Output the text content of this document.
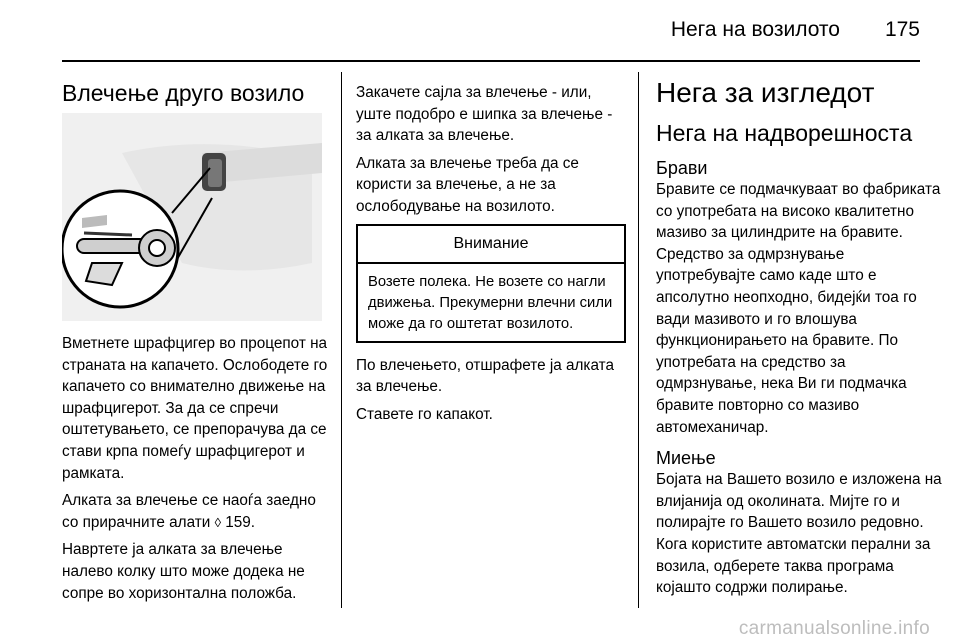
Нега на возилото 175
Влечење друго возило

Вметнете шрафцигер во процепот на страната на капачето. Ослободете го капачето со внимателно движење на шрафцигерот. За да се спречи оштетувањето, се препорачува да се стави крпа помеѓу шрафцигерот и рамката.

Алката за влечење се наоѓа заедно со прирачните алати ◊ 159.

Навртете ја алката за влечење налево колку што може додека не сопре во хоризонтална положба.

Закачете сајла за влечење - или, уште подобро е шипка за влечење - за алката за влечење.

Алката за влечење треба да се користи за влечење, а не за ослободување на возилото.

Внимание
Возете полека. Не возете со нагли движења. Прекумерни влечни сили може да го оштетат возилото.

По влечењето, отшрафете ја алката за влечење.

Ставете го капакот.

Нега за изгледот
Нега на надворешноста
Брави

Бравите се подмачкуваат во фабриката со употребата на високо квалитетно мазиво за цилиндрите на бравите. Средство за одмрзнување употребувајте само каде што е апсолутно неопходно, бидејќи тоа го вади мазивото и го влошува функционирањето на бравите. По употребата на средство за одмрзнување, нека Ви ги подмачка бравите повторно со мазиво автомеханичар.

Миење

Бојата на Вашето возило е изложена на влијанија од околината. Мијте го и полирајте го Вашето возило редовно. Кога користите автоматски перални за возила, одберете таква програма којашто содржи полирање.

carmanualsonline.info
